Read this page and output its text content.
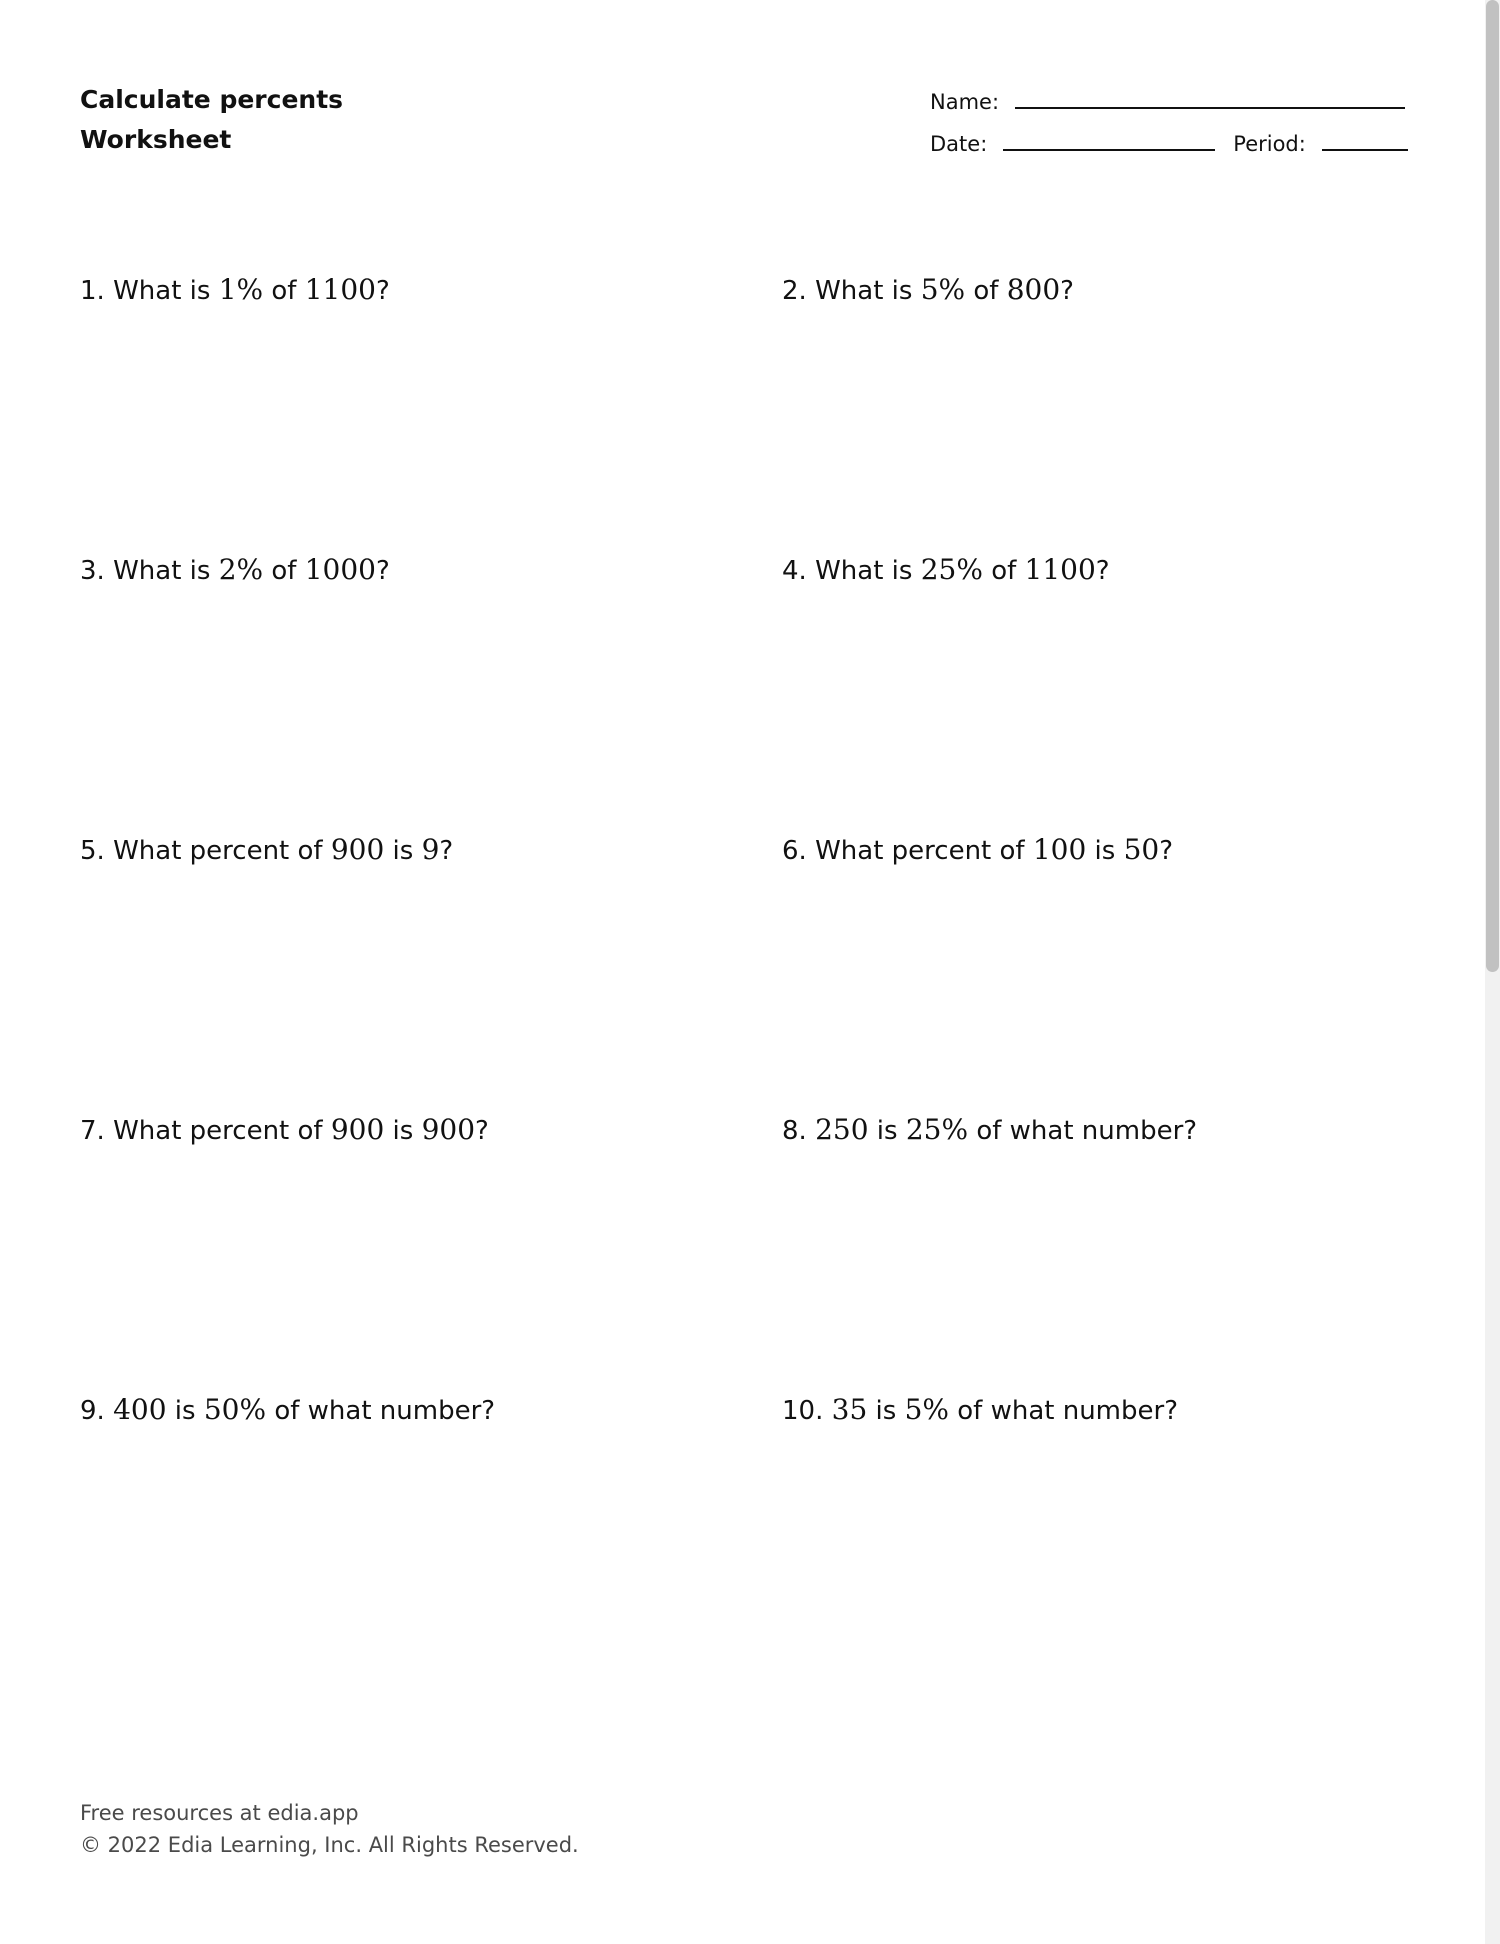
Calculate percents
Worksheet
Name:
Date:	Period:
1. What is 1% of 1100?	2. What is 5% of 800?
3. What is 2% of 1000?	4. What is 25% of 1100?
5. What percent of 900 is 9?	6. What percent of 100 is 50?
7. What percent of 900 is 900?	8. 250 is 25% of what number?
9. 400 is 50% of what number?	10. 35 is 5% of what number?
Free resources at edia.app
© 2022 Edia Learning, Inc. All Rights Reserved.
